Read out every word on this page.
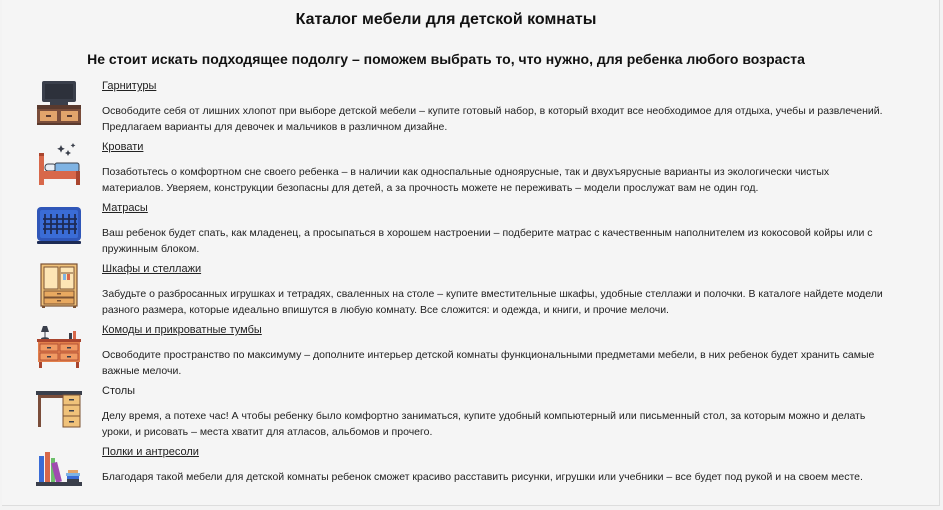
Каталог мебели для детской комнаты
Не стоит искать подходящее подолгу – поможем выбрать то, что нужно, для ребенка любого возраста
Гарнитуры

Освободите себя от лишних хлопот при выборе детской мебели – купите готовый набор, в который входит все необходимое для отдыха, учебы и развлечений. Предлагаем варианты для девочек и мальчиков в различном дизайне.

Кровати

Позаботьтесь о комфортном сне своего ребенка – в наличии как односпальные одноярусные, так и двухъярусные варианты из экологически чистых материалов. Уверяем, конструкции безопасны для детей, а за прочность можете не переживать – модели прослужат вам не один год.

Матрасы

Ваш ребенок будет спать, как младенец, а просыпаться в хорошем настроении – подберите матрас с качественным наполнителем из кокосовой койры или с пружинным блоком.

Шкафы и стеллажи

Забудьте о разбросанных игрушках и тетрадях, сваленных на столе – купите вместительные шкафы, удобные стеллажи и полочки. В каталоге найдете модели разного размера, которые идеально впишутся в любую комнату. Все сложится: и одежда, и книги, и прочие мелочи.

Комоды и прикроватные тумбы

Освободите пространство по максимуму – дополните интерьер детской комнаты функциональными предметами мебели, в них ребенок будет хранить самые важные мелочи.

Столы

Делу время, а потехе час! А чтобы ребенку было комфортно заниматься, купите удобный компьютерный или письменный стол, за которым можно и делать уроки, и рисовать – места хватит для атласов, альбомов и прочего.

Полки и антресоли

Благодаря такой мебели для детской комнаты ребенок сможет красиво расставить рисунки, игрушки или учебники – все будет под рукой и на своем месте.
